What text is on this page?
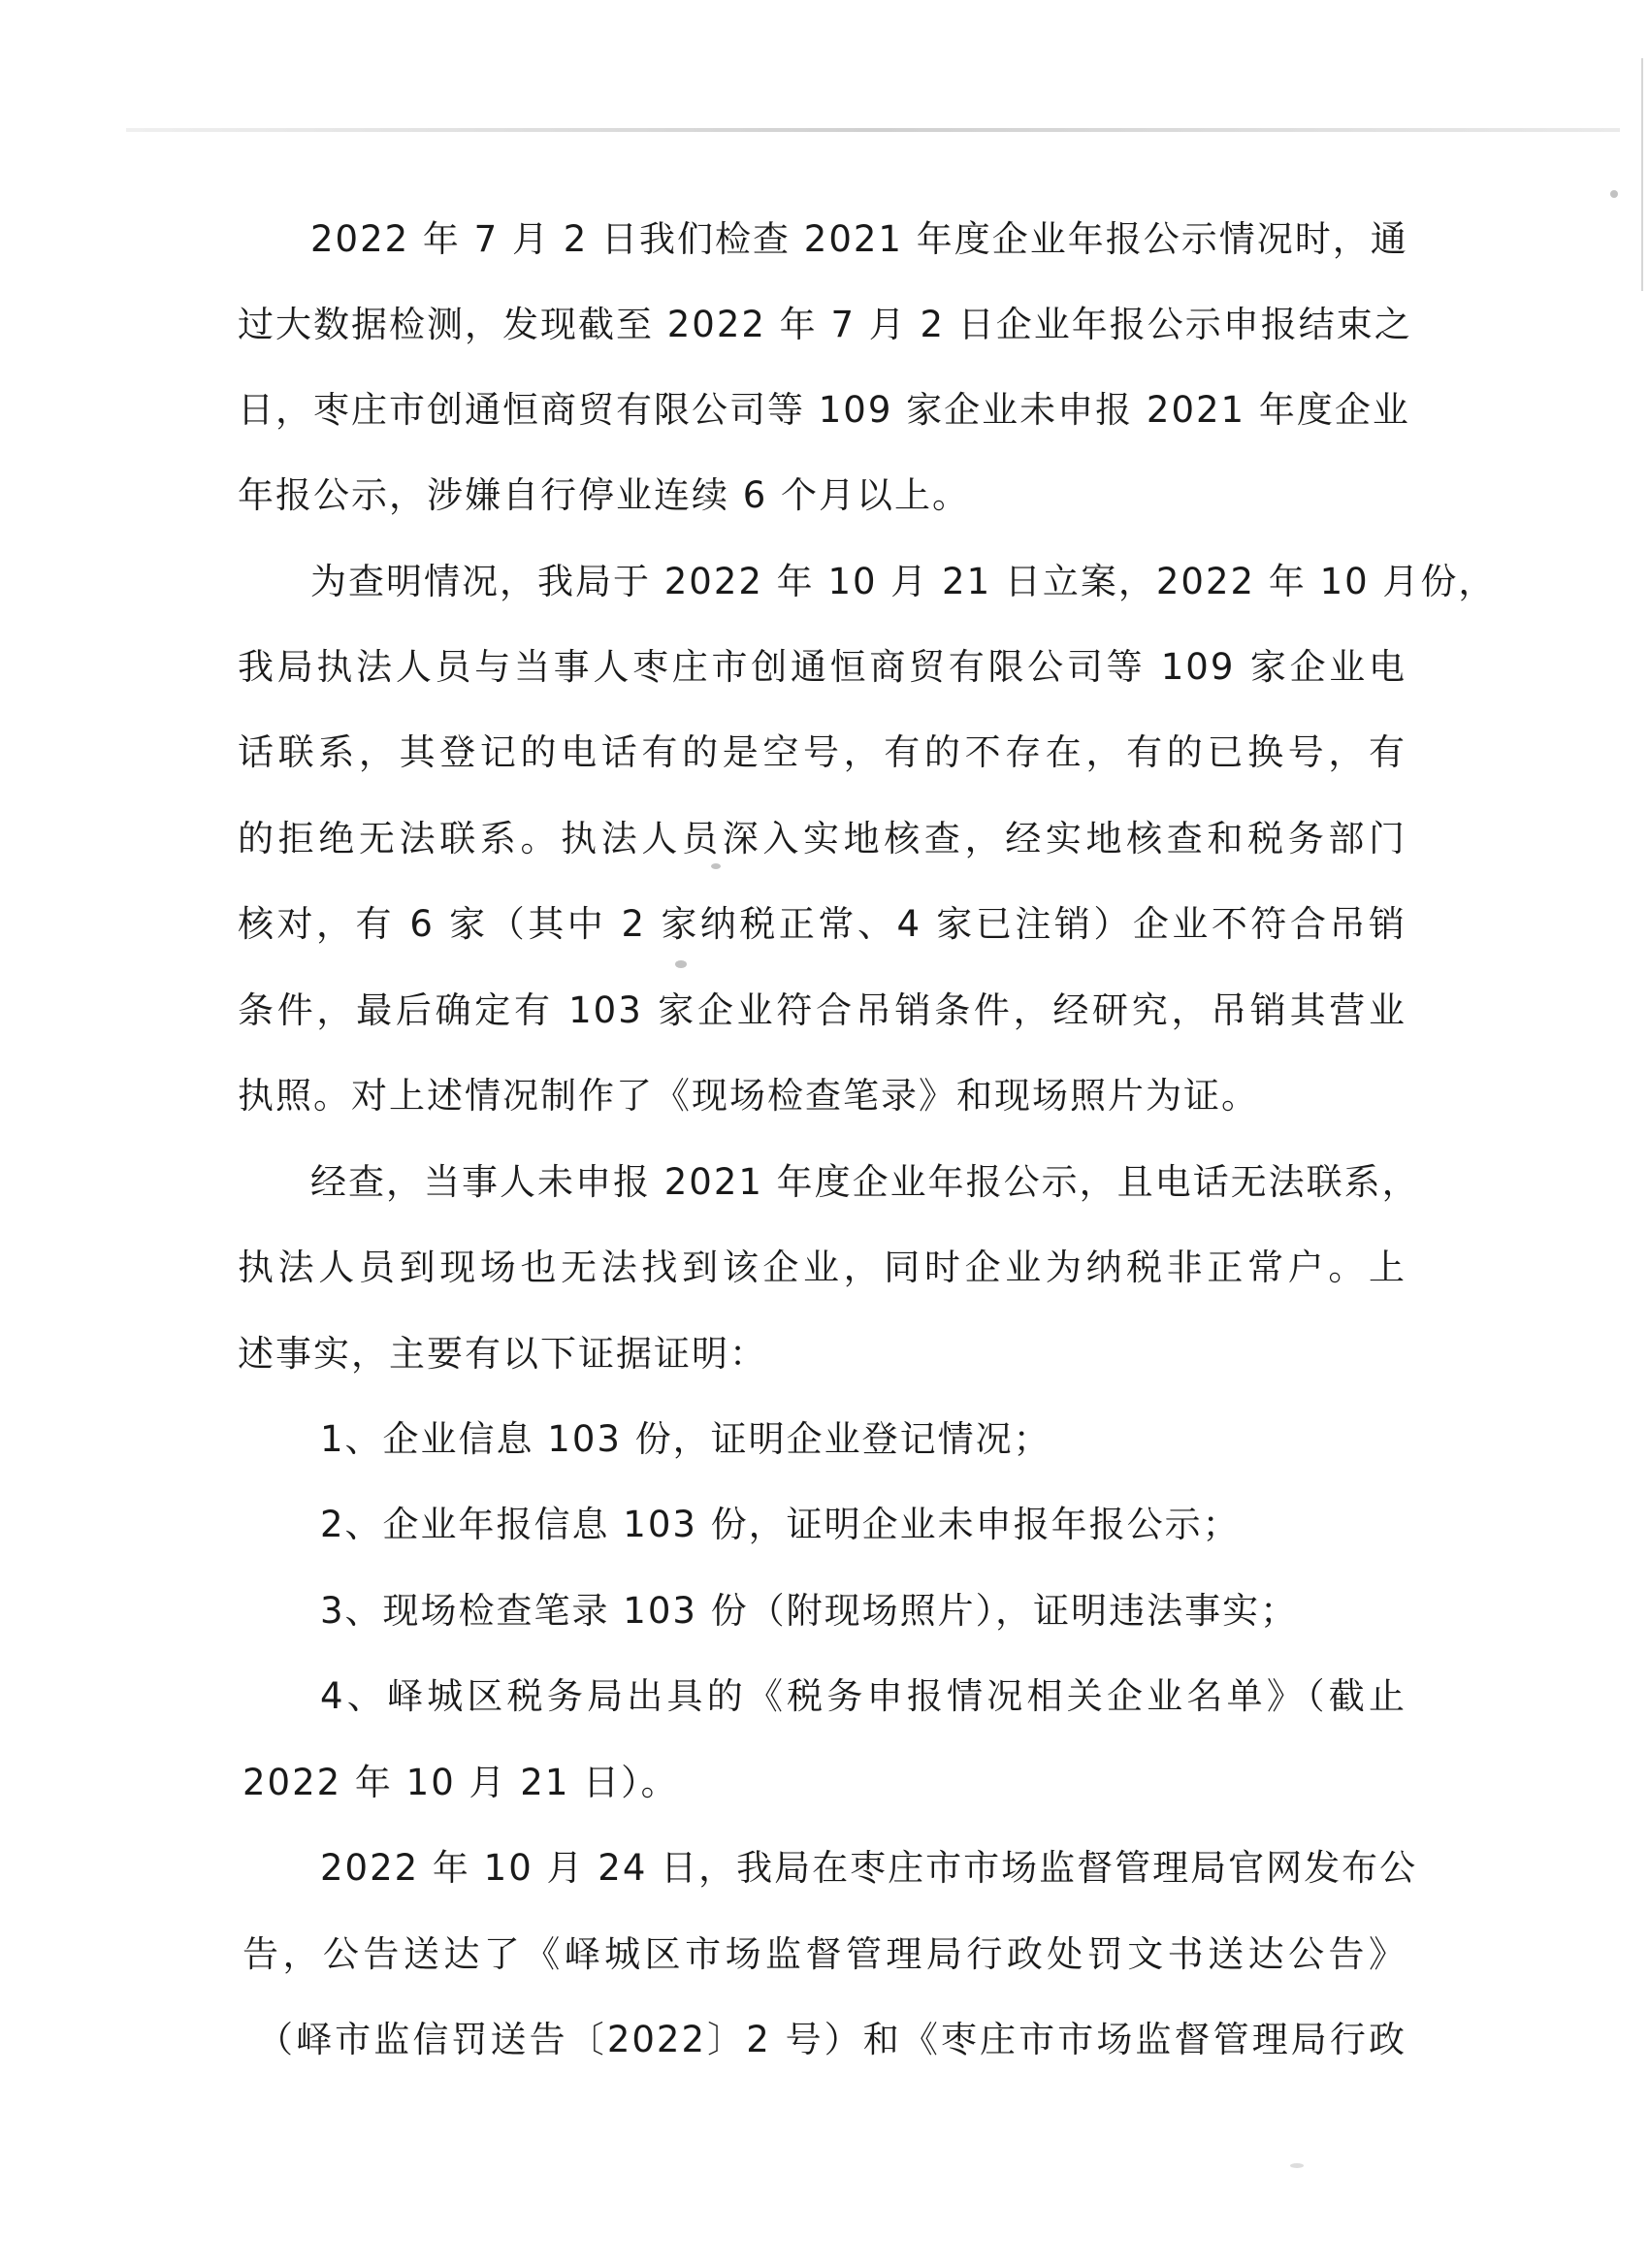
2022 年 7 月 2 日我们检查 2021 年度企业年报公示情况时，通
过大数据检测，发现截至 2022 年 7 月 2 日企业年报公示申报结束之
日，枣庄市创通恒商贸有限公司等 109 家企业未申报 2021 年度企业
年报公示，涉嫌自行停业连续 6 个月以上。
为查明情况，我局于 2022 年 10 月 21 日立案，2022 年 10 月份，
我局执法人员与当事人枣庄市创通恒商贸有限公司等 109 家企业电
话联系，其登记的电话有的是空号，有的不存在，有的已换号，有
的拒绝无法联系。执法人员深入实地核查，经实地核查和税务部门
核对，有 6 家（其中 2 家纳税正常、4 家已注销）企业不符合吊销
条件，最后确定有 103 家企业符合吊销条件，经研究，吊销其营业
执照。对上述情况制作了《现场检查笔录》和现场照片为证。
经查，当事人未申报 2021 年度企业年报公示，且电话无法联系，
执法人员到现场也无法找到该企业，同时企业为纳税非正常户。上
述事实，主要有以下证据证明：
1、企业信息 103 份，证明企业登记情况；
2、企业年报信息 103 份，证明企业未申报年报公示；
3、现场检查笔录 103 份（附现场照片），证明违法事实；
4、峄城区税务局出具的《税务申报情况相关企业名单》（截止
2022 年 10 月 21 日）。
2022 年 10 月 24 日，我局在枣庄市市场监督管理局官网发布公
告，公告送达了《峄城区市场监督管理局行政处罚文书送达公告》
（峄市监信罚送告〔2022〕2 号）和《枣庄市市场监督管理局行政
